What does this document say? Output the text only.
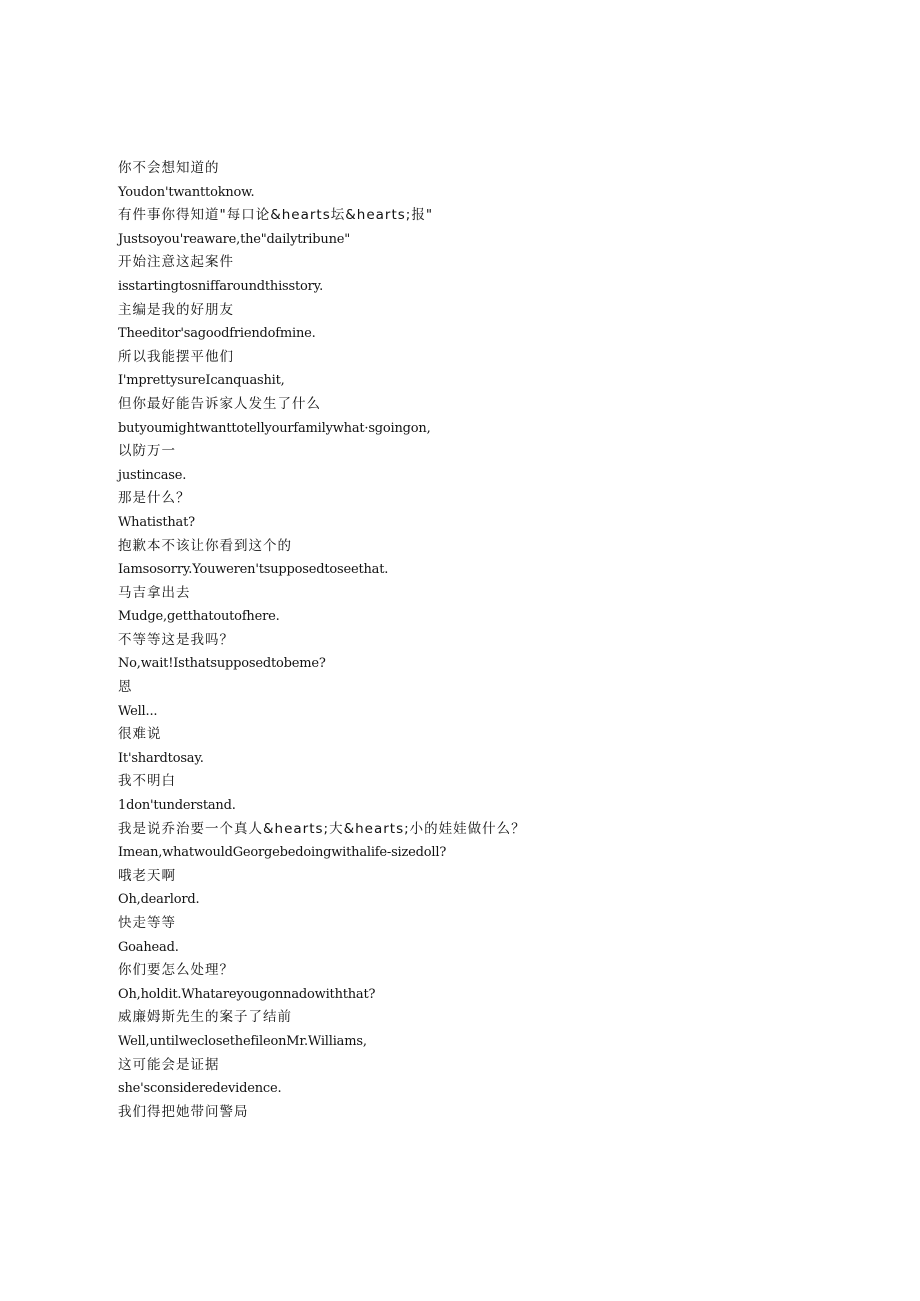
你不会想知道的
Youdon'twanttoknow.
有件事你得知道"每口论&hearts坛&hearts;报"
Justsoyou'reaware,the"dailytribune"
开始注意这起案件
isstartingtosniffaroundthisstory.
主编是我的好朋友
Theeditor'sagoodfriendofmine.
所以我能摆平他们
I'mprettysureIcanquashit,
但你最好能告诉家人发生了什么
butyoumightwanttotellyourfamilywhat·sgoingon,
以防万一
justincase.
那是什么？
Whatisthat?
抱歉本不该让你看到这个的
Iamsosorry.Youweren'tsupposedtoseethat.
马吉拿出去
Mudge,getthatoutofhere.
不等等这是我吗？
No,wait!Isthatsupposedtobeme?
恩
Well...
很难说
It'shardtosay.
我不明白
1don'tunderstand.
我是说乔治要一个真人&hearts;大&hearts;小的娃娃做什么？
Imean,whatwouldGeorgebedoingwithalife-sizedoll?
哦老天啊
Oh,dearlord.
快走等等
Goahead.
你们要怎么处理？
Oh,holdit.Whatareyougonnadowiththat?
威廉姆斯先生的案子了结前
Well,untilweclosethefileonMr.Williams,
这可能会是证据
she'sconsideredevidence.
我们得把她带问警局
